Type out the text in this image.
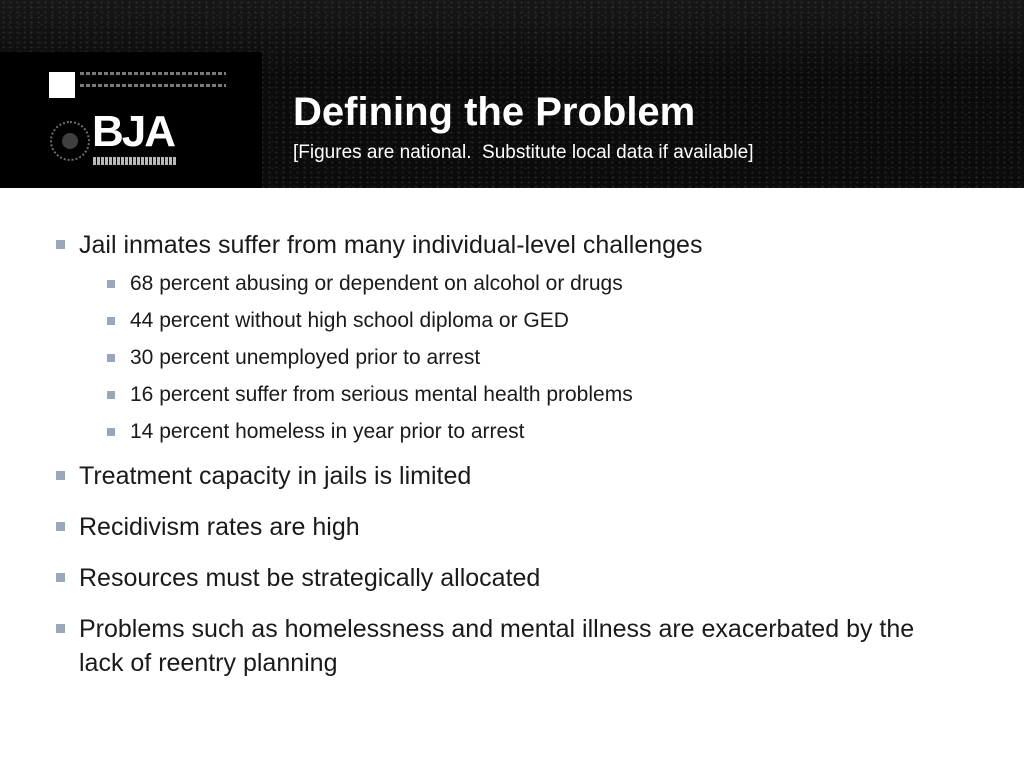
BJA	Defining the Problem

[Figures are national.  Substitute local data if available]

Jail inmates suffer from many individual-level challenges
68 percent abusing or dependent on alcohol or drugs
44 percent without high school diploma or GED
30 percent unemployed prior to arrest
16 percent suffer from serious mental health problems
14 percent homeless in year prior to arrest
Treatment capacity in jails is limited
Recidivism rates are high
Resources must be strategically allocated
Problems such as homelessness and mental illness are exacerbated by the lack of reentry planning
